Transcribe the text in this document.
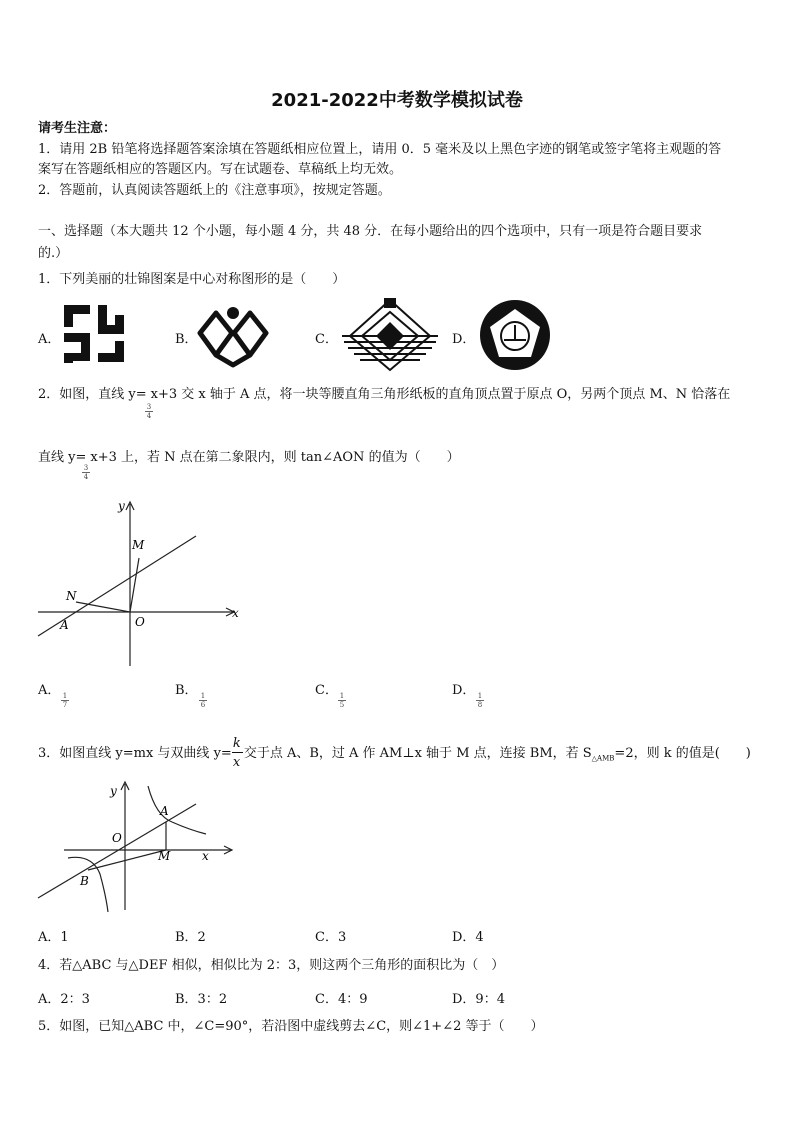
2021-2022中考数学模拟试卷
请考生注意：
1．请用 2B 铅笔将选择题答案涂填在答题纸相应位置上，请用 0．5 毫米及以上黑色字迹的钢笔或签字笔将主观题的答
案写在答题纸相应的答题区内。写在试题卷、草稿纸上均无效。
2．答题前，认真阅读答题纸上的《注意事项》，按规定答题。
一、选择题（本大题共 12 个小题，每小题 4 分，共 48 分．在每小题给出的四个选项中，只有一项是符合题目要求
的.）
1．下列美丽的壮锦图案是中心对称图形的是（　　）
A．	B．	C．	D．
2．如图，直线 y= x+3 交 x 轴于 A 点，将一块等腰直角三角形纸板的直角顶点置于原点 O，另两个顶点 M、N 恰落在
$\frac{3}{4}$
直线 y= x+3 上，若 N 点在第二象限内，则 tan∠AON 的值为（　　）
$\frac{3}{4}$
y
x
M
N
A	O
A．
$\frac{1}{7}$
B．
$\frac{1}{6}$
C．
$\frac{1}{5}$
D．
$\frac{1}{8}$
3．如图直线 y=mx 与双曲线 $y= \frac{k}{x}$ 交于点 A、B，过 A 作 AM⊥x 轴于 M 点，连接 BM，若 $S_{\triangle AMB}=2$，则 k 的值是(　　)
y
x
A
O
M
B
A．1	B．2	C．3	D．4
4．若△ABC 与△DEF 相似，相似比为 2：3，则这两个三角形的面积比为（　）
A．2：3	B．3：2	C．4：9	D．9：4
5．如图，已知△ABC 中，∠C=90°，若沿图中虚线剪去∠C，则∠1+∠2 等于（　　）
